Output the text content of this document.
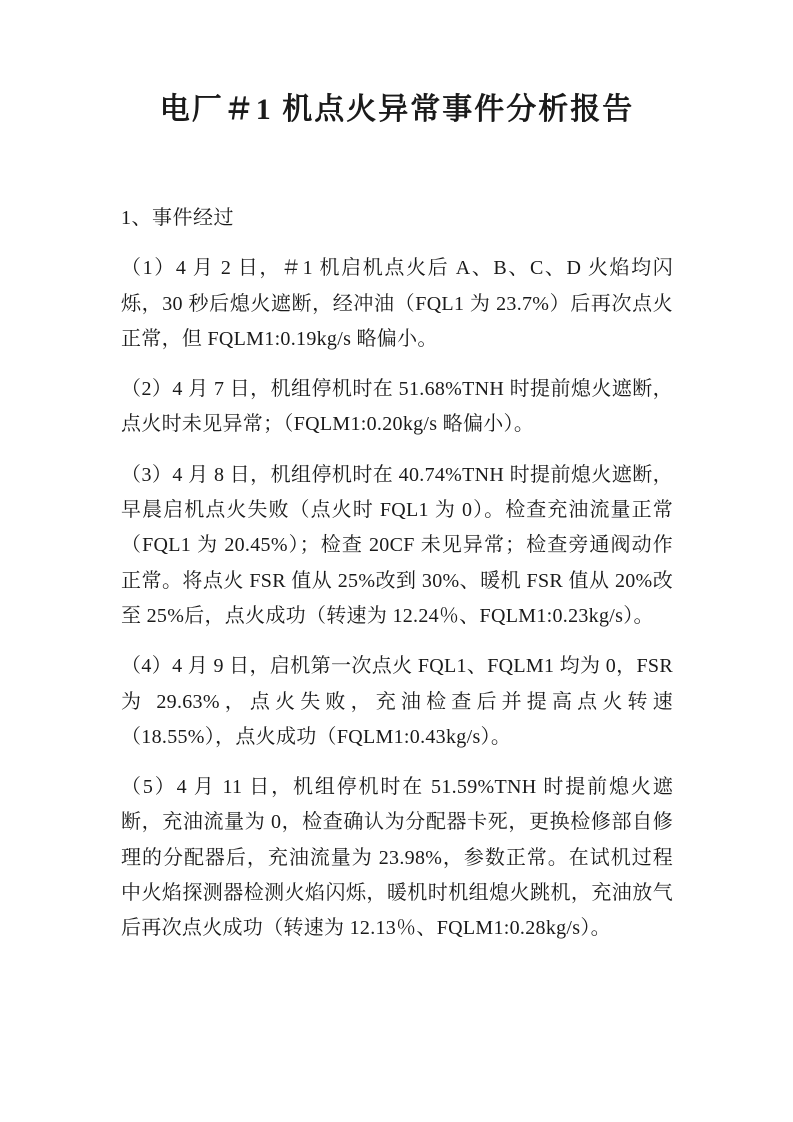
电厂＃1 机点火异常事件分析报告
1、事件经过

（1）4 月 2 日，＃1 机启机点火后 A、B、C、D 火焰均闪烁，30 秒后熄火遮断，经冲油（FQL1 为 23.7%）后再次点火正常，但 FQLM1:0.19kg/s 略偏小。

（2）4 月 7 日，机组停机时在 51.68%TNH 时提前熄火遮断，点火时未见异常；（FQLM1:0.20kg/s 略偏小）。

（3）4 月 8 日，机组停机时在 40.74%TNH 时提前熄火遮断，早晨启机点火失败（点火时 FQL1 为 0）。检查充油流量正常（FQL1 为 20.45%）；检查 20CF 未见异常；检查旁通阀动作正常。将点火 FSR 值从 25%改到 30%、暖机 FSR 值从 20%改至 25%后，点火成功（转速为 12.24％、FQLM1:0.23kg/s）。

（4）4 月 9 日，启机第一次点火 FQL1、FQLM1 均为 0，FSR 为 29.63%，点火失败，充油检查后并提高点火转速（18.55%），点火成功（FQLM1:0.43kg/s）。

（5）4 月 11 日，机组停机时在 51.59%TNH 时提前熄火遮断，充油流量为 0，检查确认为分配器卡死，更换检修部自修理的分配器后，充油流量为 23.98%，参数正常。在试机过程中火焰探测器检测火焰闪烁，暖机时机组熄火跳机，充油放气后再次点火成功（转速为 12.13％、FQLM1:0.28kg/s）。
